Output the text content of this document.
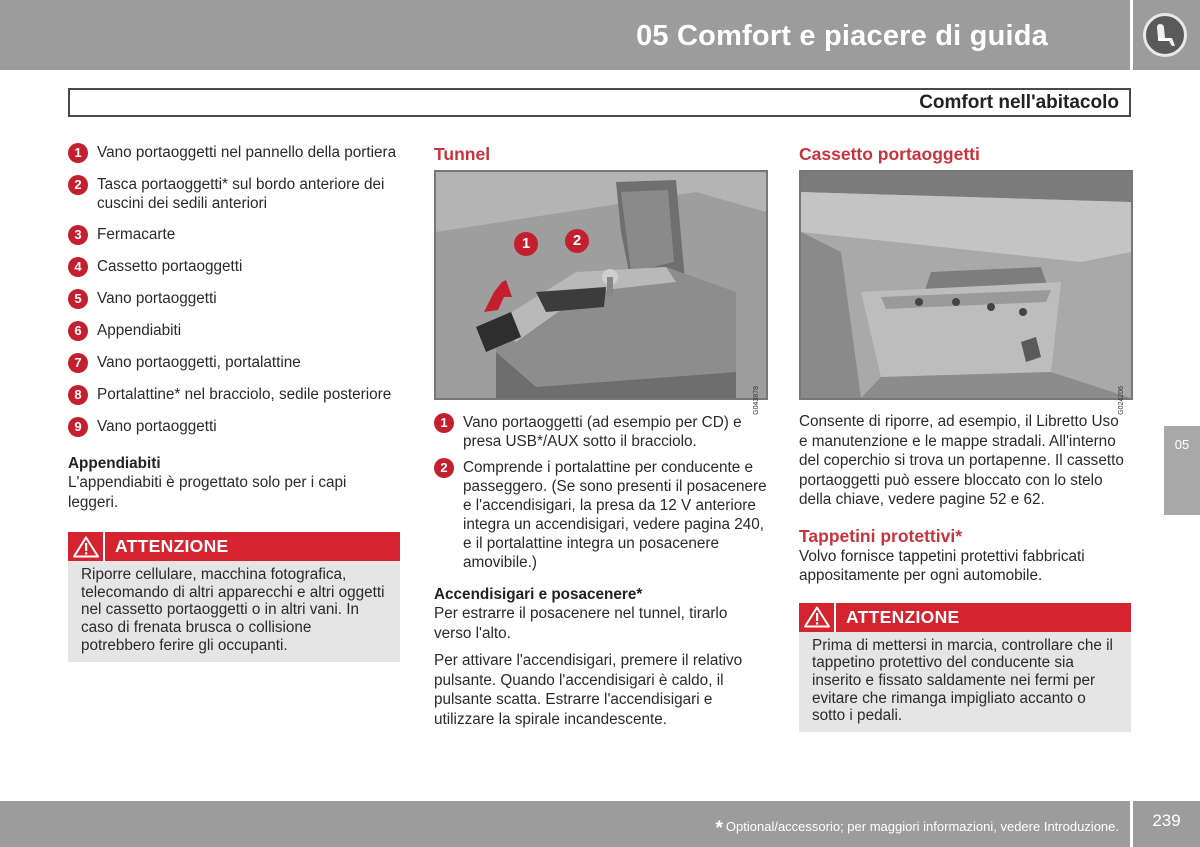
05 Comfort e piacere di guida
Comfort nell'abitacolo
1	Vano portaoggetti nel pannello della portiera
2	Tasca portaoggetti* sul bordo anteriore dei cuscini dei sedili anteriori
3	Fermacarte
4	Cassetto portaoggetti
5	Vano portaoggetti
6	Appendiabiti
7	Vano portaoggetti, portalattine
8	Portalattine* nel bracciolo, sedile posteriore
9	Vano portaoggetti
Appendiabiti
L'appendiabiti è progettato solo per i capi leggeri.
ATTENZIONE
Riporre cellulare, macchina fotografica, telecomando di altri apparecchi e altri oggetti nel cassetto portaoggetti o in altri vani. In caso di frenata brusca o collisione potrebbero ferire gli occupanti.
Tunnel
1	2
G043878
1	Vano portaoggetti (ad esempio per CD) e presa USB*/AUX sotto il bracciolo.
2	Comprende i portalattine per conducente e passeggero. (Se sono presenti il posacenere e l'accendisigari, la presa da 12 V anteriore integra un accendisigari, vedere pagina 240, e il portalattine integra un posacenere amovibile.)
Accendisigari e posacenere*
Per estrarre il posacenere nel tunnel, tirarlo verso l'alto.
Per attivare l'accendisigari, premere il relativo pulsante. Quando l'accendisigari è caldo, il pulsante scatta. Estrarre l'accendisigari e utilizzare la spirale incandescente.
Cassetto portaoggetti
G024206
Consente di riporre, ad esempio, il Libretto Uso e manutenzione e le mappe stradali. All'interno del coperchio si trova un portapenne. Il cassetto portaoggetti può essere bloccato con lo stelo della chiave, vedere pagine 52 e 62.
Tappetini protettivi*
Volvo fornisce tappetini protettivi fabbricati appositamente per ogni automobile.
ATTENZIONE
Prima di mettersi in marcia, controllare che il tappetino protettivo del conducente sia inserito e fissato saldamente nei fermi per evitare che rimanga impigliato accanto o sotto i pedali.
05
* Optional/accessorio; per maggiori informazioni, vedere Introduzione.	239
